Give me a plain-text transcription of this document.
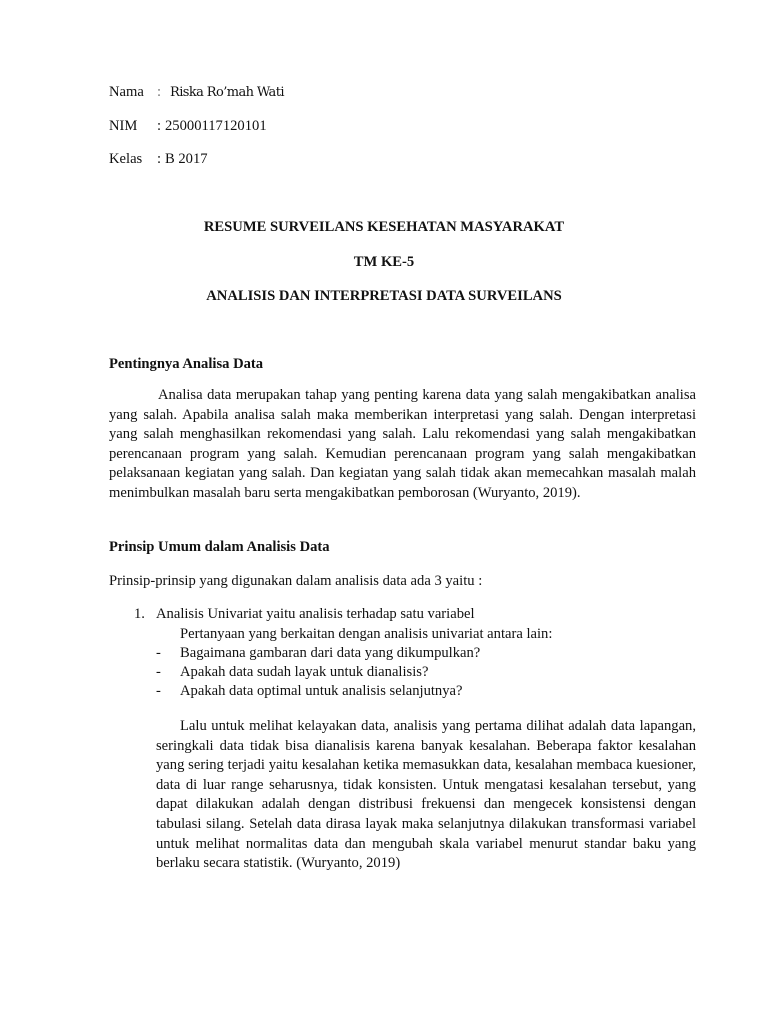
Nama : Riska Ro’mah Wati
NIM : 25000117120101
Kelas : B 2017
RESUME SURVEILANS KESEHATAN MASYARAKAT
TM KE-5
ANALISIS DAN INTERPRETASI DATA SURVEILANS
Pentingnya Analisa Data

Analisa data merupakan tahap yang penting karena data yang salah mengakibatkan analisa yang salah. Apabila analisa salah maka memberikan interpretasi yang salah. Dengan interpretasi yang salah menghasilkan rekomendasi yang salah. Lalu rekomendasi yang salah mengakibatkan perencanaan program yang salah. Kemudian perencanaan program yang salah mengakibatkan pelaksanaan kegiatan yang salah. Dan kegiatan yang salah tidak akan memecahkan masalah malah menimbulkan masalah baru serta mengakibatkan pemborosan (Wuryanto, 2019).

Prinsip Umum dalam Analisis Data
Prinsip-prinsip yang digunakan dalam analisis data ada 3 yaitu :
1. Analisis Univariat yaitu analisis terhadap satu variabel
Pertanyaan yang berkaitan dengan analisis univariat antara lain:
- Bagaimana gambaran dari data yang dikumpulkan?
- Apakah data sudah layak untuk dianalisis?
- Apakah data optimal untuk analisis selanjutnya?

Lalu untuk melihat kelayakan data, analisis yang pertama dilihat adalah data lapangan, seringkali data tidak bisa dianalisis karena banyak kesalahan. Beberapa faktor kesalahan yang sering terjadi yaitu kesalahan ketika memasukkan data, kesalahan membaca kuesioner, data di luar range seharusnya, tidak konsisten. Untuk mengatasi kesalahan tersebut, yang dapat dilakukan adalah dengan distribusi frekuensi dan mengecek konsistensi dengan tabulasi silang. Setelah data dirasa layak maka selanjutnya dilakukan transformasi variabel untuk melihat normalitas data dan mengubah skala variabel menurut standar baku yang berlaku secara statistik. (Wuryanto, 2019)
